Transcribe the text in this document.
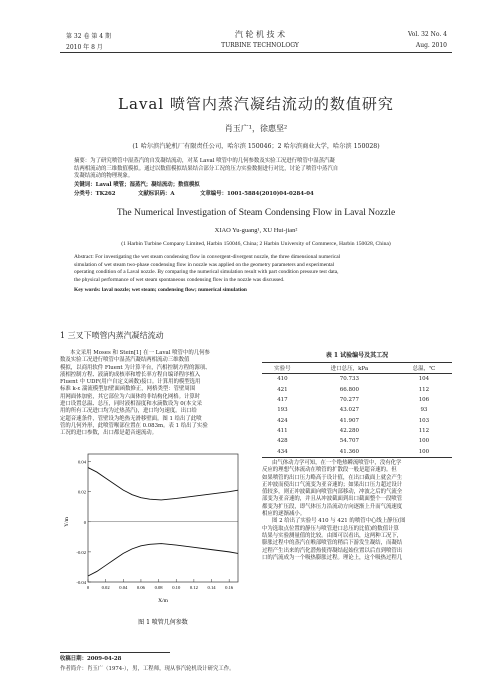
第 32 卷 第 4 期
2010 年 8 月
汽 轮 机 技 术
TURBINE TECHNOLOGY
Vol. 32 No. 4
Aug. 2010
Laval 喷管内蒸汽凝结流动的数值研究
肖玉广¹，徐惠坚²
(1 哈尔滨汽轮机厂有限责任公司，哈尔滨 150046；2 哈尔滨商业大学，哈尔滨 150028)
摘要：为了研究喷管中湿蒸汽的自发凝结流动，对某 Laval 喷管中的几何参数及实验工况进行喷管中湿蒸汽凝
结两相流动的三维数值模拟。通过以数值模拟结果结合部分工况的压力实验数据进行对比，讨论了喷管中蒸汽自
发凝结流动的物理现象。
关键词：Laval 喷管；湿蒸汽；凝结流动；数值模拟
分类号：TK262	文献标识码：A	文章编号：1001-5884(2010)04-0284-04
The Numerical Investigation of Steam Condensing Flow in Laval Nozzle
XIAO Yu-guang¹, XU Hui-jian²
(1 Harbin Turbine Company Limited, Harbin 150046, China; 2 Harbin University of Commerce, Harbin 150028, China)
Abstract: For investigating the wet steam condensing flow in convergent-divergent nozzle, the three dimensional numerical
simulation of wet steam two-phase condensing flow in nozzle was applied on the geometry parameters and experimental
operating condition of a Laval nozzle. By comparing the numerical simulation result with part condition pressure test data,
the physical performance of wet steam spontaneous condensing flow in the nozzle was discussed.
Key words: laval nozzle; wet steam; condensing flow; numerical simulation
1 三叉下喷管内蒸汽凝结流动

本文采用 Moses 和 Stein[1] 在一 Laval 喷管中的几何参

数及实验工况进行喷管中湿蒸汽凝结两相流动三维数值
模拟，以商用软件 Fluent 为计算平台，汽相控制方程的源项、
液相控制方程、液滴的成核率和增长率方程自编译程序植入
Fluent 中 UDF(用户自定义函数)接口。计算用的模型选用
标准 k-ε 湍流模型加壁面函数修正，网格类型：管壁周围
用网面体加密，其它部位为六面体的非结构化网格。计算时
进口设置总温、总压，同时液相湿度和水滴数设为 0(本文采
用的所有工况进口均为过热蒸汽)，进口均匀速度。出口给
定超音速条件，管壁设为绝热无滑移壁面。图 1 给出了此喷
管的几何外形，此喷管喉部位置在 0.083m。表 1 给出了实验
工况的进口参数，出口都是超音速流动。
0.04
0.02
0
-0.02
-0.04
0	0.02 0.04 0.06 0.08 0.10 0.12 0.14 0.16
Y/m
X/m
图 1 喷管几何参数
表 1 试验编号及其工况
实验号	进口总压，kPa	总温，℃
410	70.733	104
421	66.800	112
417	70.277	106
193	43.027	93
424	41.907	103
411	42.280	112
428	54.707	100
434	41.360	100

由气体动力学可知，在一个绝热瞬流喷管中，没有化学

反应的理想气体流动在喷管的扩散段一般是超音速的。但
如果喷管的出口压力略高于设计值，在出口截面上就会产生
正冲波而使出口气流变为亚音速的；如果出口压力超过设计
值较多，则正冲波截面向喷管内部移动，冲波之后的气流全
部变为亚音速的，并且从冲波截面到出口截面整个一段喷管
都变为扩压段，即气体压力沿流动方向逐渐上升而气流速度
相应的逐渐减小。

图 2 给出了实验号 410 与 421 的喷管中心线上静压(图

中为选取点位置的静压与喷管进口总压的比值)的数值计算
结果与实验测量值的比较。由图可以看出，这两种工况下，
膨胀过程中的蒸汽在喉部喷管的稍后下游发生凝结，而凝结
过程产生出来的汽化潜热使得凝结起始位置以后直到喷管出
口的汽流成为一个吸热膨胀过程。理论上，这个吸热过程几
收稿日期：2009-04-28
作者简介：肖玉广（1974-），男，工程师，现从事汽轮机设计研究工作。
